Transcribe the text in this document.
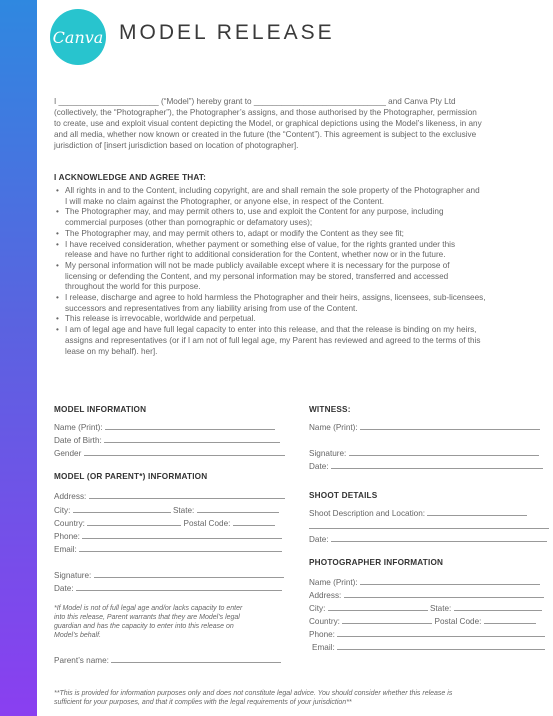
Canva MODEL RELEASE
I ______________________ (“Model”) hereby grant to _____________________________ and Canva Pty Ltd
(collectively, the “Photographer”), the Photographer’s assigns, and those authorised by the Photographer, permission
to create, use and exploit visual content depicting the Model, or graphical depictions using the Model’s likeness, in any
and all media, whether now known or created in the future (the “Content”). This agreement is subject to the exclusive
jurisdiction of [insert jurisdiction based on location of photographer].
I ACKNOWLEDGE AND AGREE THAT:
• All rights in and to the Content, including copyright, are and shall remain the sole property of the Photographer and
I will make no claim against the Photographer, or anyone else, in respect of the Content.
• The Photographer may, and may permit others to, use and exploit the Content for any purpose, including
commercial purposes (other than pornographic or defamatory uses);
• The Photographer may, and may permit others to, adapt or modify the Content as they see fit;
• I have received consideration, whether payment or something else of value, for the rights granted under this
release and have no further right to additional consideration for the Content, whether now or in the future.
• My personal information will not be made publicly available except where it is necessary for the purpose of
licensing or defending the Content, and my personal information may be stored, transferred and accessed
throughout the world for this purpose.
• I release, discharge and agree to hold harmless the Photographer and their heirs, assigns, licensees, sub-licensees,
successors and representatives from any liability arising from use of the Content.
• This release is irrevocable, worldwide and perpetual.
• I am of legal age and have full legal capacity to enter into this release, and that the release is binding on my heirs,
assigns and representatives (or if I am not of full legal age, my Parent has reviewed and agreed to the terms of this
lease on my behalf). her].
MODEL INFORMATION
Name (Print):
Date of Birth:
Gender
MODEL (OR PARENT*) INFORMATION
Address:
City:	State:
Country:	Postal Code:
Phone:
Email:
Signature:
Date:
*If Model is not of full legal age and/or lacks capacity to enter
into this release, Parent warrants that they are Model’s legal
guardian and has the capacity to enter into this release on
Model’s behalf.
Parent’s name:
WITNESS:
Name (Print):
Signature:
Date:
SHOOT DETAILS
Shoot Description and Location:
Date:
PHOTOGRAPHER INFORMATION
Name (Print):
Address:
City:	State:
Country:	Postal Code:
Phone:
Email:
**This is provided for information purposes only and does not constitute legal advice. You should consider whether this release is
sufficient for your purposes, and that it complies with the legal requirements of your jurisdiction**
